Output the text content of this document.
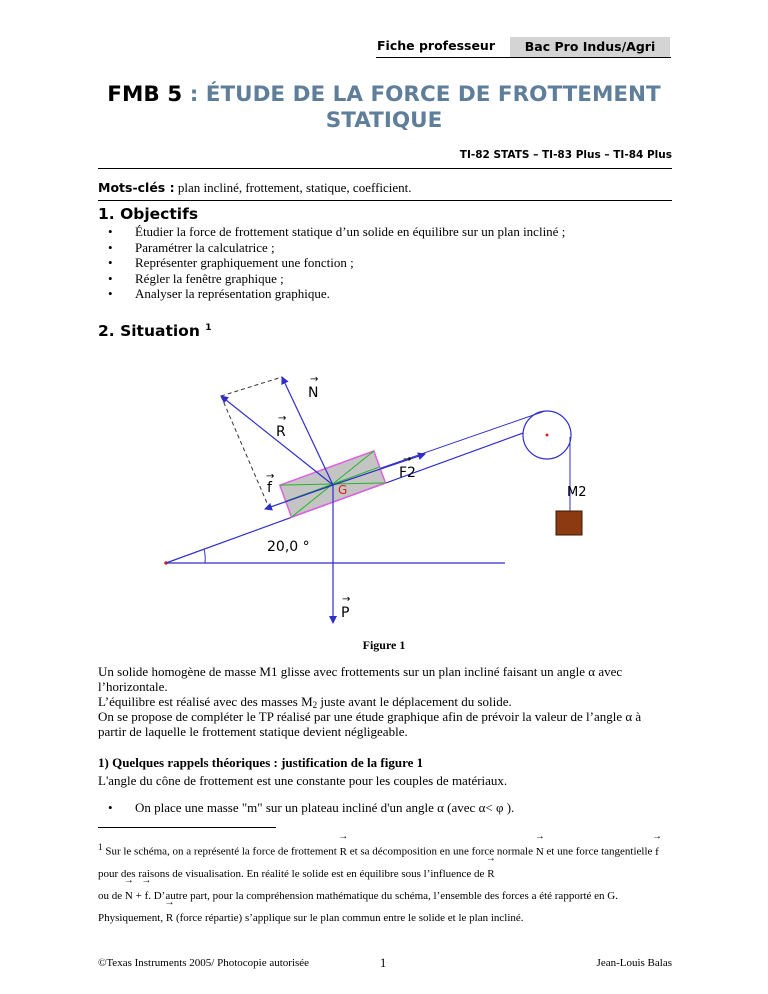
Fiche professeur	Bac Pro Indus/Agri
FMB 5 : ÉTUDE DE LA FORCE DE FROTTEMENT STATIQUE
TI-82 STATS – TI-83 Plus – TI-84 Plus
Mots-clés : plan incliné, frottement, statique, coefficient.
1. Objectifs
• Étudier la force de frottement statique d’un solide en équilibre sur un plan incliné ;
• Paramétrer la calculatrice ;
• Représenter graphiquement une fonction ;
• Régler la fenêtre graphique ;
• Analyser la représentation graphique.
2. Situation $^1$
M2
G
N
→
R
→
F2
→
f
→
P
→
20,0 °
Figure 1
Un solide homogène de masse M1 glisse avec frottements sur un plan incliné faisant un angle α avec l’horizontale.
L’équilibre est réalisé avec des masses $M_2$ juste avant le déplacement du solide.
On se propose de compléter le TP réalisé par une étude graphique afin de prévoir la valeur de l’angle α à partir de laquelle le frottement statique devient négligeable.
1) Quelques rappels théoriques : justification de la figure 1
L'angle du cône de frottement est une constante pour les couples de matériaux.
• On place une masse "m" sur un plateau incliné d'un angle α (avec α< φ ).
$^1$ Sur le schéma, on a représenté la force de frottement → R et sa décomposition en une force normale → N et une force tangentielle → f pour des raisons de visualisation. En réalité le solide est en équilibre sous l’influence de → R
ou de → N + → f. D’autre part, pour la compréhension mathématique du schéma, l’ensemble des forces a été rapporté en G. Physiquement, → R (force répartie) s’applique sur le plan commun entre le solide et le plan incliné.
©Texas Instruments 2005/ Photocopie autorisée	1	Jean-Louis Balas
